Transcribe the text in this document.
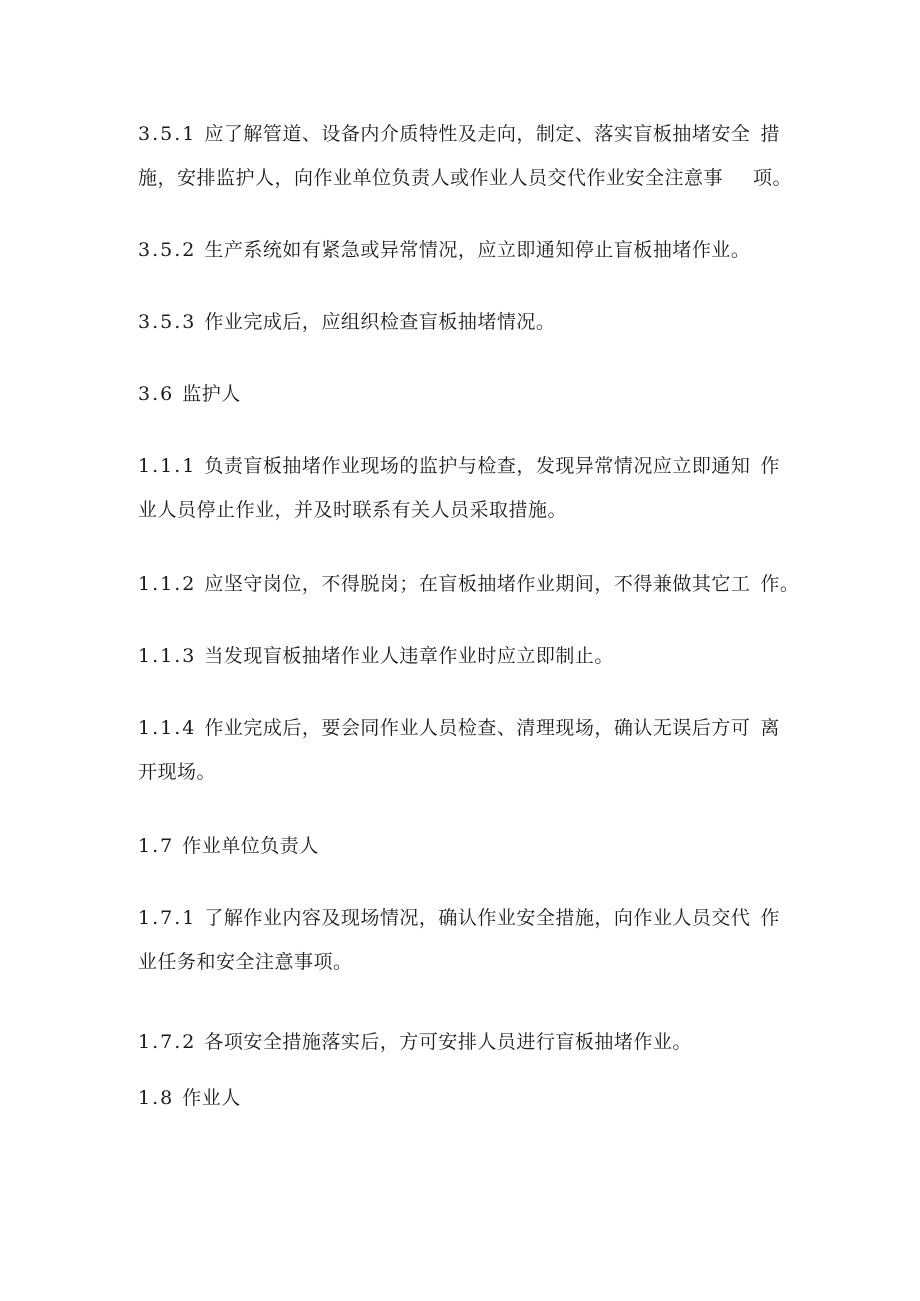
3.5.1 应了解管道、设备内介质特性及走向，制定、落实盲板抽堵安全 措
施，安排监护人，向作业单位负责人或作业人员交代作业安全注意事 项。
3.5.2 生产系统如有紧急或异常情况，应立即通知停止盲板抽堵作业。
3.5.3 作业完成后，应组织检查盲板抽堵情况。
3.6 监护人
1.1.1 负责盲板抽堵作业现场的监护与检查，发现异常情况应立即通知 作
业人员停止作业，并及时联系有关人员采取措施。
1.1.2 应坚守岗位，不得脱岗；在盲板抽堵作业期间，不得兼做其它工 作。
1.1.3 当发现盲板抽堵作业人违章作业时应立即制止。
1.1.4 作业完成后，要会同作业人员检查、清理现场，确认无误后方可 离
开现场。
1.7 作业单位负责人
1.7.1 了解作业内容及现场情况，确认作业安全措施，向作业人员交代 作
业任务和安全注意事项。
1.7.2 各项安全措施落实后，方可安排人员进行盲板抽堵作业。
1.8 作业人
